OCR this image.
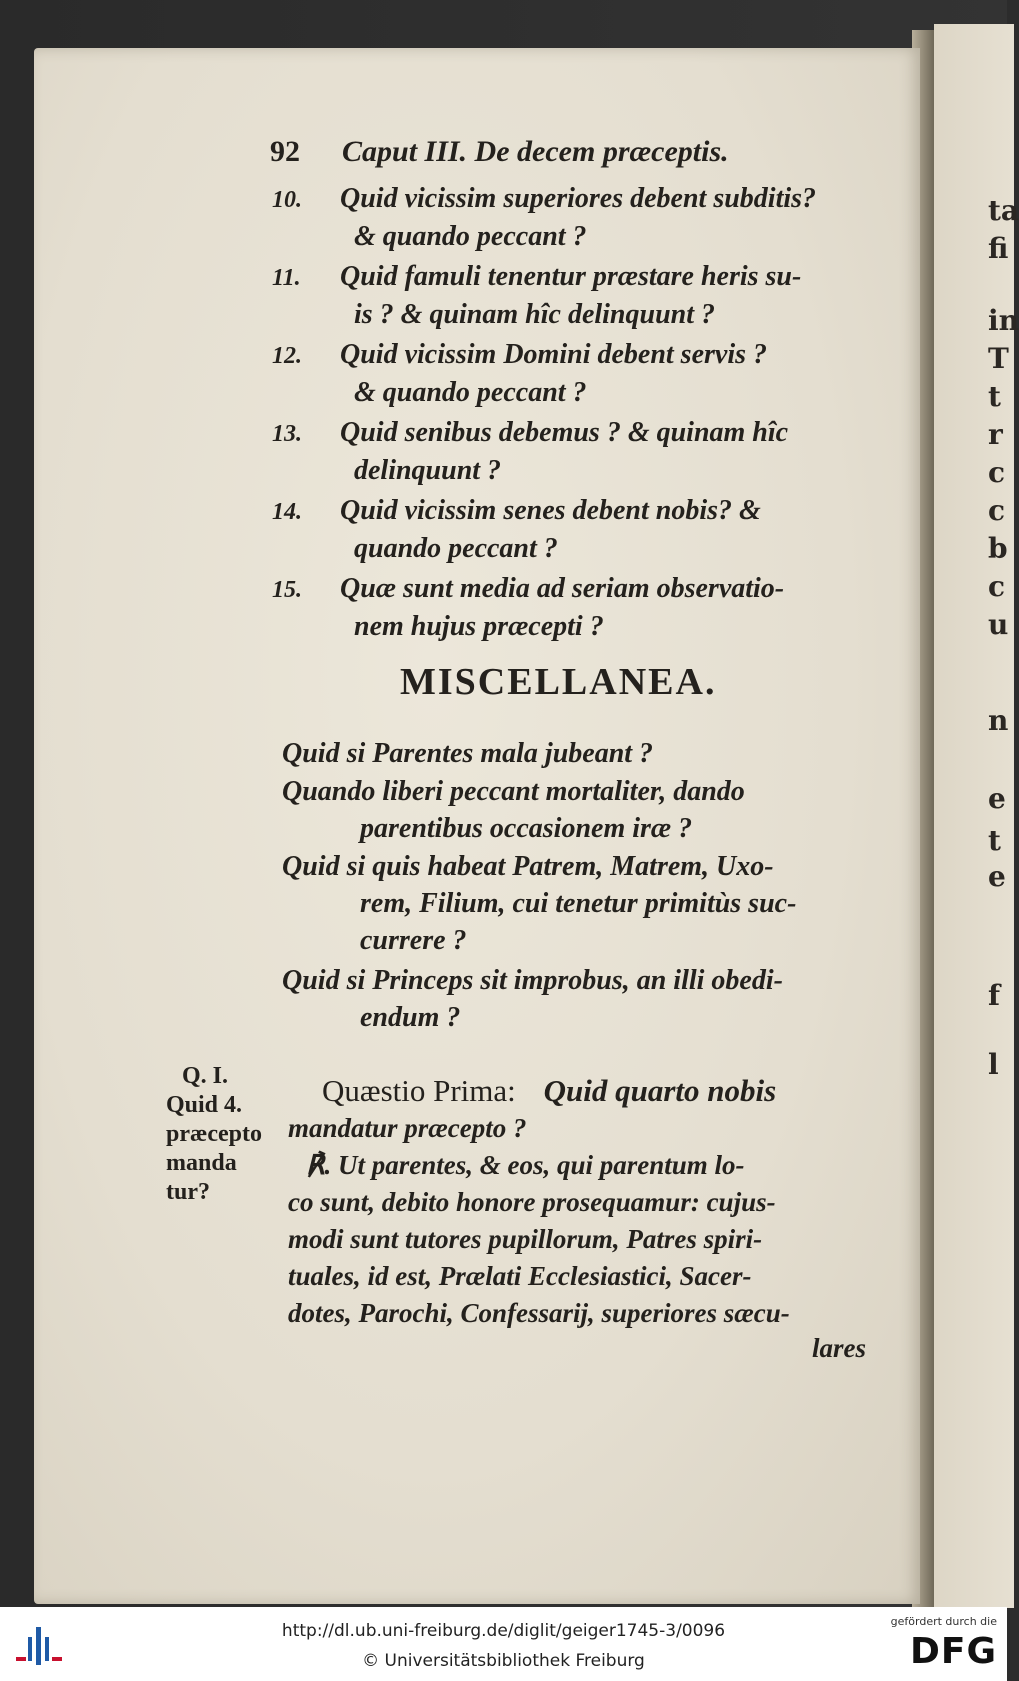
ta
fi
in
T
t
r
c
c
b
c
u
n
e
t
e
f
l
92 Caput III. De decem præceptis.
10. Quid vicissim superiores debent subditis?
& quando peccant ?
11. Quid famuli tenentur præstare heris su-
is ? & quinam hîc delinquunt ?
12. Quid vicissim Domini debent servis ?
& quando peccant ?
13. Quid senibus debemus ? & quinam hîc
delinquunt ?
14. Quid vicissim senes debent nobis? &
quando peccant ?
15. Quæ sunt media ad seriam observatio-
nem hujus præcepti ?
MISCELLANEA.
Quid si Parentes mala jubeant ?
Quando liberi peccant mortaliter, dando
parentibus occasionem iræ ?
Quid si quis habeat Patrem, Matrem, Uxo-
rem, Filium, cui tenetur primitùs suc-
currere ?
Quid si Princeps sit improbus, an illi obedi-
endum ?
Q. I.
Quid 4.
præcepto
manda
tur?
Quæstio Prima: Quid quarto nobis
mandatur præcepto ?
℟. Ut parentes, & eos, qui parentum lo-
co sunt, debito honore prosequamur: cujus-
modi sunt tutores pupillorum, Patres spiri-
tuales, id est, Prælati Ecclesiastici, Sacer-
dotes, Parochi, Confessarij, superiores sæcu-
lares
http://dl.ub.uni-freiburg.de/diglit/geiger1745-3/0096
© Universitätsbibliothek Freiburg
gefördert durch die
DFG
